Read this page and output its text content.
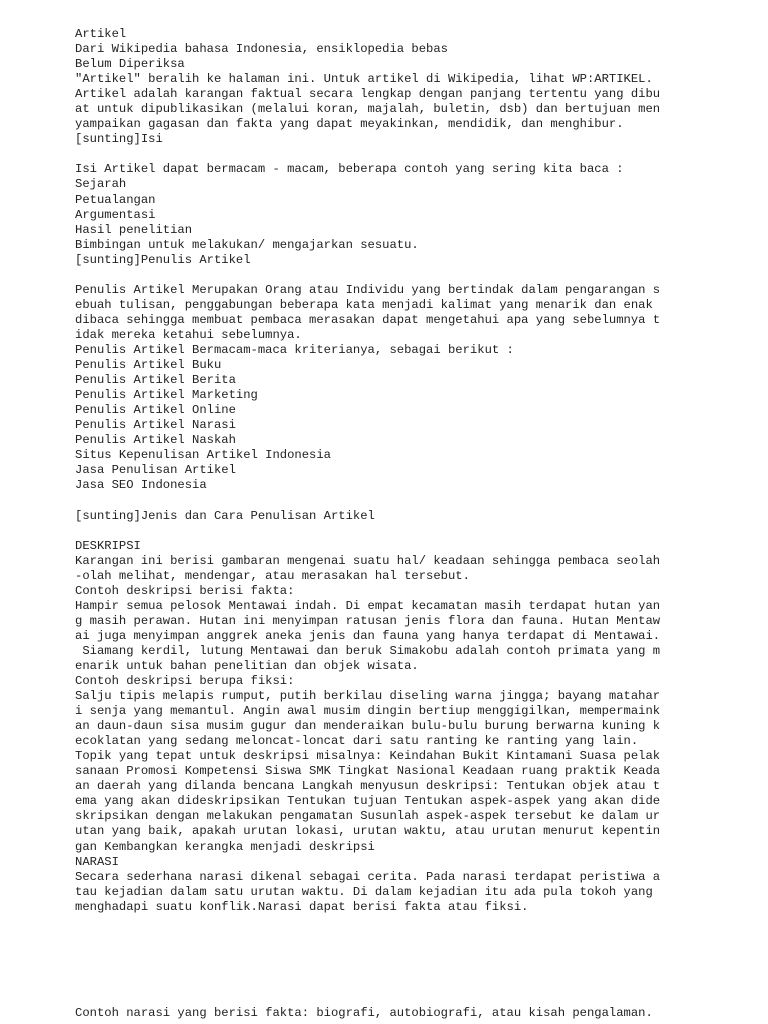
Artikel
Dari Wikipedia bahasa Indonesia, ensiklopedia bebas
Belum Diperiksa
"Artikel" beralih ke halaman ini. Untuk artikel di Wikipedia, lihat WP:ARTIKEL.
Artikel adalah karangan faktual secara lengkap dengan panjang tertentu yang dibu
at untuk dipublikasikan (melalui koran, majalah, buletin, dsb) dan bertujuan men
yampaikan gagasan dan fakta yang dapat meyakinkan, mendidik, dan menghibur.
[sunting]Isi
Isi Artikel dapat bermacam - macam, beberapa contoh yang sering kita baca :
Sejarah
Petualangan
Argumentasi
Hasil penelitian
Bimbingan untuk melakukan/ mengajarkan sesuatu.
[sunting]Penulis Artikel
Penulis Artikel Merupakan Orang atau Individu yang bertindak dalam pengarangan s
ebuah tulisan, penggabungan beberapa kata menjadi kalimat yang menarik dan enak
dibaca sehingga membuat pembaca merasakan dapat mengetahui apa yang sebelumnya t
idak mereka ketahui sebelumnya.
Penulis Artikel Bermacam-maca kriterianya, sebagai berikut :
Penulis Artikel Buku
Penulis Artikel Berita
Penulis Artikel Marketing
Penulis Artikel Online
Penulis Artikel Narasi
Penulis Artikel Naskah
Situs Kepenulisan Artikel Indonesia
Jasa Penulisan Artikel
Jasa SEO Indonesia
[sunting]Jenis dan Cara Penulisan Artikel
DESKRIPSI
Karangan ini berisi gambaran mengenai suatu hal/ keadaan sehingga pembaca seolah
-olah melihat, mendengar, atau merasakan hal tersebut.
Contoh deskripsi berisi fakta:
Hampir semua pelosok Mentawai indah. Di empat kecamatan masih terdapat hutan yan
g masih perawan. Hutan ini menyimpan ratusan jenis flora dan fauna. Hutan Mentaw
ai juga menyimpan anggrek aneka jenis dan fauna yang hanya terdapat di Mentawai.
Siamang kerdil, lutung Mentawai dan beruk Simakobu adalah contoh primata yang m
enarik untuk bahan penelitian dan objek wisata.
Contoh deskripsi berupa fiksi:
Salju tipis melapis rumput, putih berkilau diseling warna jingga; bayang matahar
i senja yang memantul. Angin awal musim dingin bertiup menggigilkan, mempermaink
an daun-daun sisa musim gugur dan menderaikan bulu-bulu burung berwarna kuning k
ecoklatan yang sedang meloncat-loncat dari satu ranting ke ranting yang lain.
Topik yang tepat untuk deskripsi misalnya: Keindahan Bukit Kintamani Suasa pelak
sanaan Promosi Kompetensi Siswa SMK Tingkat Nasional Keadaan ruang praktik Keada
an daerah yang dilanda bencana Langkah menyusun deskripsi: Tentukan objek atau t
ema yang akan dideskripsikan Tentukan tujuan Tentukan aspek-aspek yang akan dide
skripsikan dengan melakukan pengamatan Susunlah aspek-aspek tersebut ke dalam ur
utan yang baik, apakah urutan lokasi, urutan waktu, atau urutan menurut kepentin
gan Kembangkan kerangka menjadi deskripsi
NARASI
Secara sederhana narasi dikenal sebagai cerita. Pada narasi terdapat peristiwa a
tau kejadian dalam satu urutan waktu. Di dalam kejadian itu ada pula tokoh yang
menghadapi suatu konflik.Narasi dapat berisi fakta atau fiksi.
Contoh narasi yang berisi fakta: biografi, autobiografi, atau kisah pengalaman.
